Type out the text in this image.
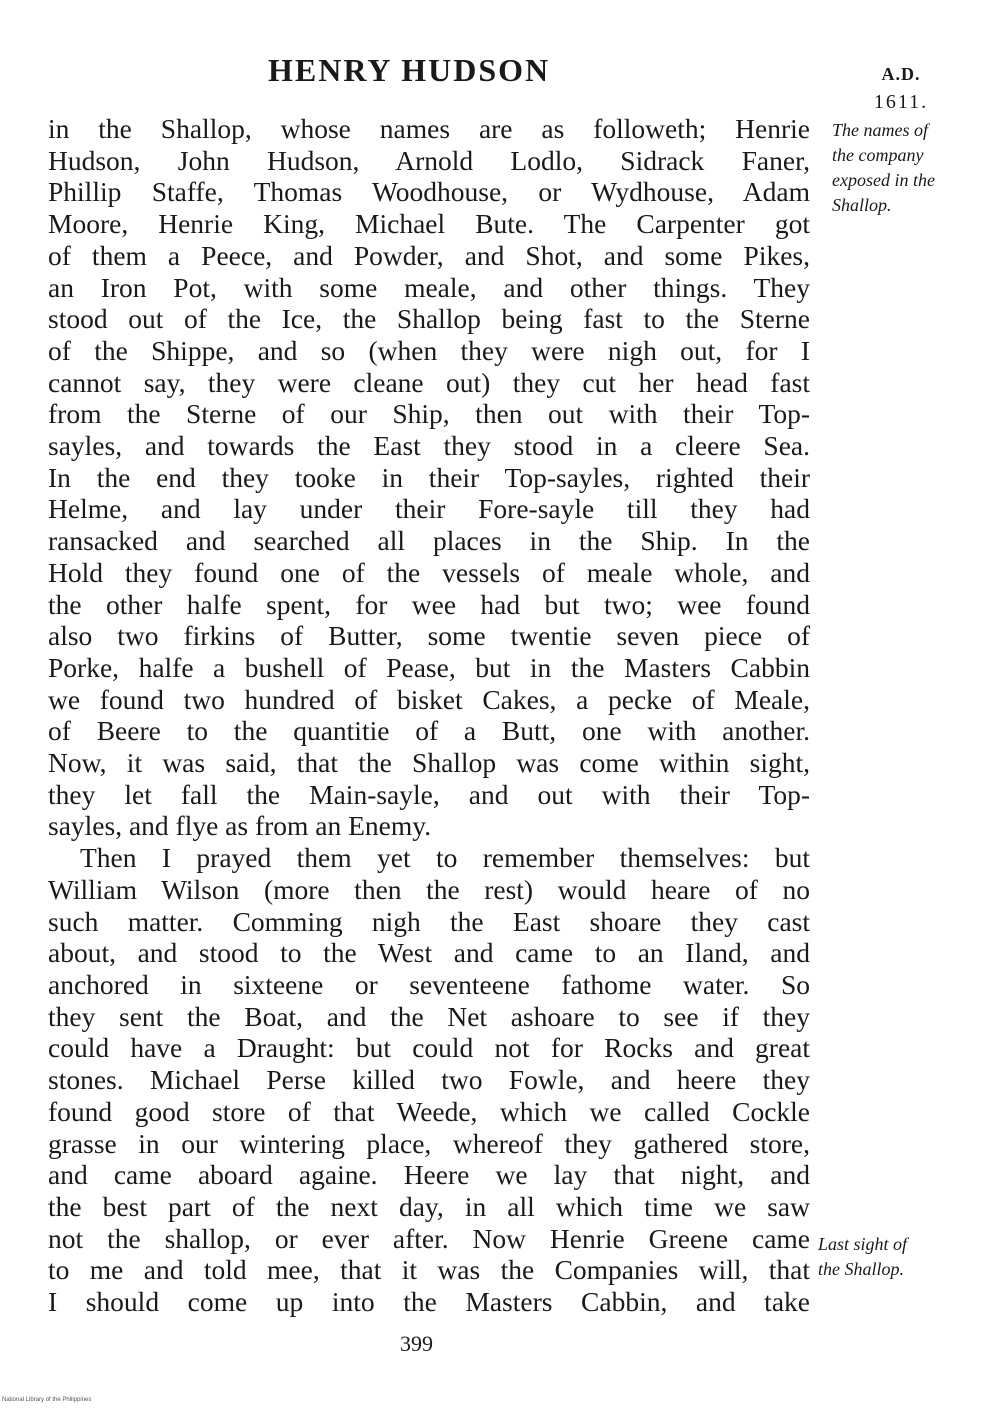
HENRY HUDSON	A.D.
1611.
in the Shallop, whose names are as followeth; Henrie
Hudson, John Hudson, Arnold Lodlo, Sidrack Faner,
Phillip Staffe, Thomas Woodhouse, or Wydhouse, Adam
Moore, Henrie King, Michael Bute. The Carpenter got
of them a Peece, and Powder, and Shot, and some Pikes,
an Iron Pot, with some meale, and other things. They
stood out of the Ice, the Shallop being fast to the Sterne
of the Shippe, and so (when they were nigh out, for I
cannot say, they were cleane out) they cut her head fast
from the Sterne of our Ship, then out with their Top-
sayles, and towards the East they stood in a cleere Sea.
In the end they tooke in their Top-sayles, righted their
Helme, and lay under their Fore-sayle till they had
ransacked and searched all places in the Ship. In the
Hold they found one of the vessels of meale whole, and
the other halfe spent, for wee had but two; wee found
also two firkins of Butter, some twentie seven piece of
Porke, halfe a bushell of Pease, but in the Masters Cabbin
we found two hundred of bisket Cakes, a pecke of Meale,
of Beere to the quantitie of a Butt, one with another.
Now, it was said, that the Shallop was come within sight,
they let fall the Main-sayle, and out with their Top-
sayles, and flye as from an Enemy.
Then I prayed them yet to remember themselves: but
William Wilson (more then the rest) would heare of no
such matter. Comming nigh the East shoare they cast
about, and stood to the West and came to an Iland, and
anchored in sixteene or seventeene fathome water. So
they sent the Boat, and the Net ashoare to see if they
could have a Draught: but could not for Rocks and great
stones. Michael Perse killed two Fowle, and heere they
found good store of that Weede, which we called Cockle
grasse in our wintering place, whereof they gathered store,
and came aboard againe. Heere we lay that night, and
the best part of the next day, in all which time we saw
not the shallop, or ever after. Now Henrie Greene came
to me and told mee, that it was the Companies will, that
I should come up into the Masters Cabbin, and take
The names of
the company
exposed in the
Shallop.
Last sight of
the Shallop.
399
National Library of the Philippines
